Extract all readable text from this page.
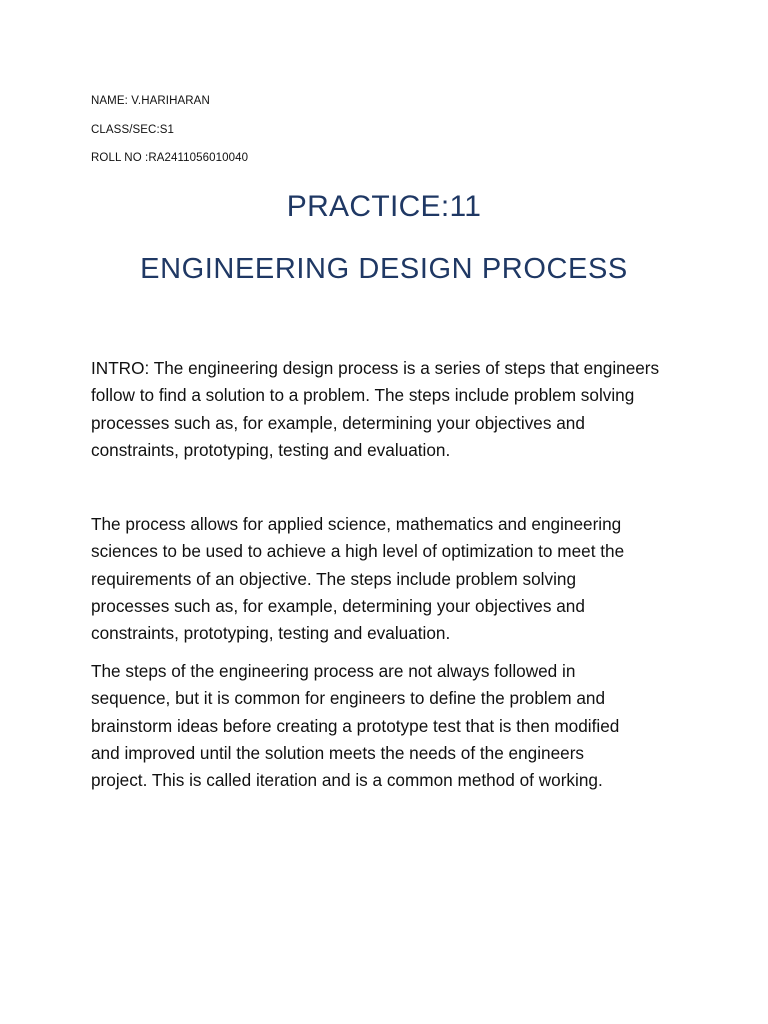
NAME: V.HARIHARAN
CLASS/SEC:S1
ROLL NO :RA2411056010040
PRACTICE:11
ENGINEERING DESIGN PROCESS

INTRO: The engineering design process is a series of steps that engineers
follow to find a solution to a problem. The steps include problem solving
processes such as, for example, determining your objectives and
constraints, prototyping, testing and evaluation.

The process allows for applied science, mathematics and engineering
sciences to be used to achieve a high level of optimization to meet the
requirements of an objective. The steps include problem solving
processes such as, for example, determining your objectives and
constraints, prototyping, testing and evaluation.

The steps of the engineering process are not always followed in
sequence, but it is common for engineers to define the problem and
brainstorm ideas before creating a prototype test that is then modified
and improved until the solution meets the needs of the engineers
project. This is called iteration and is a common method of working.
